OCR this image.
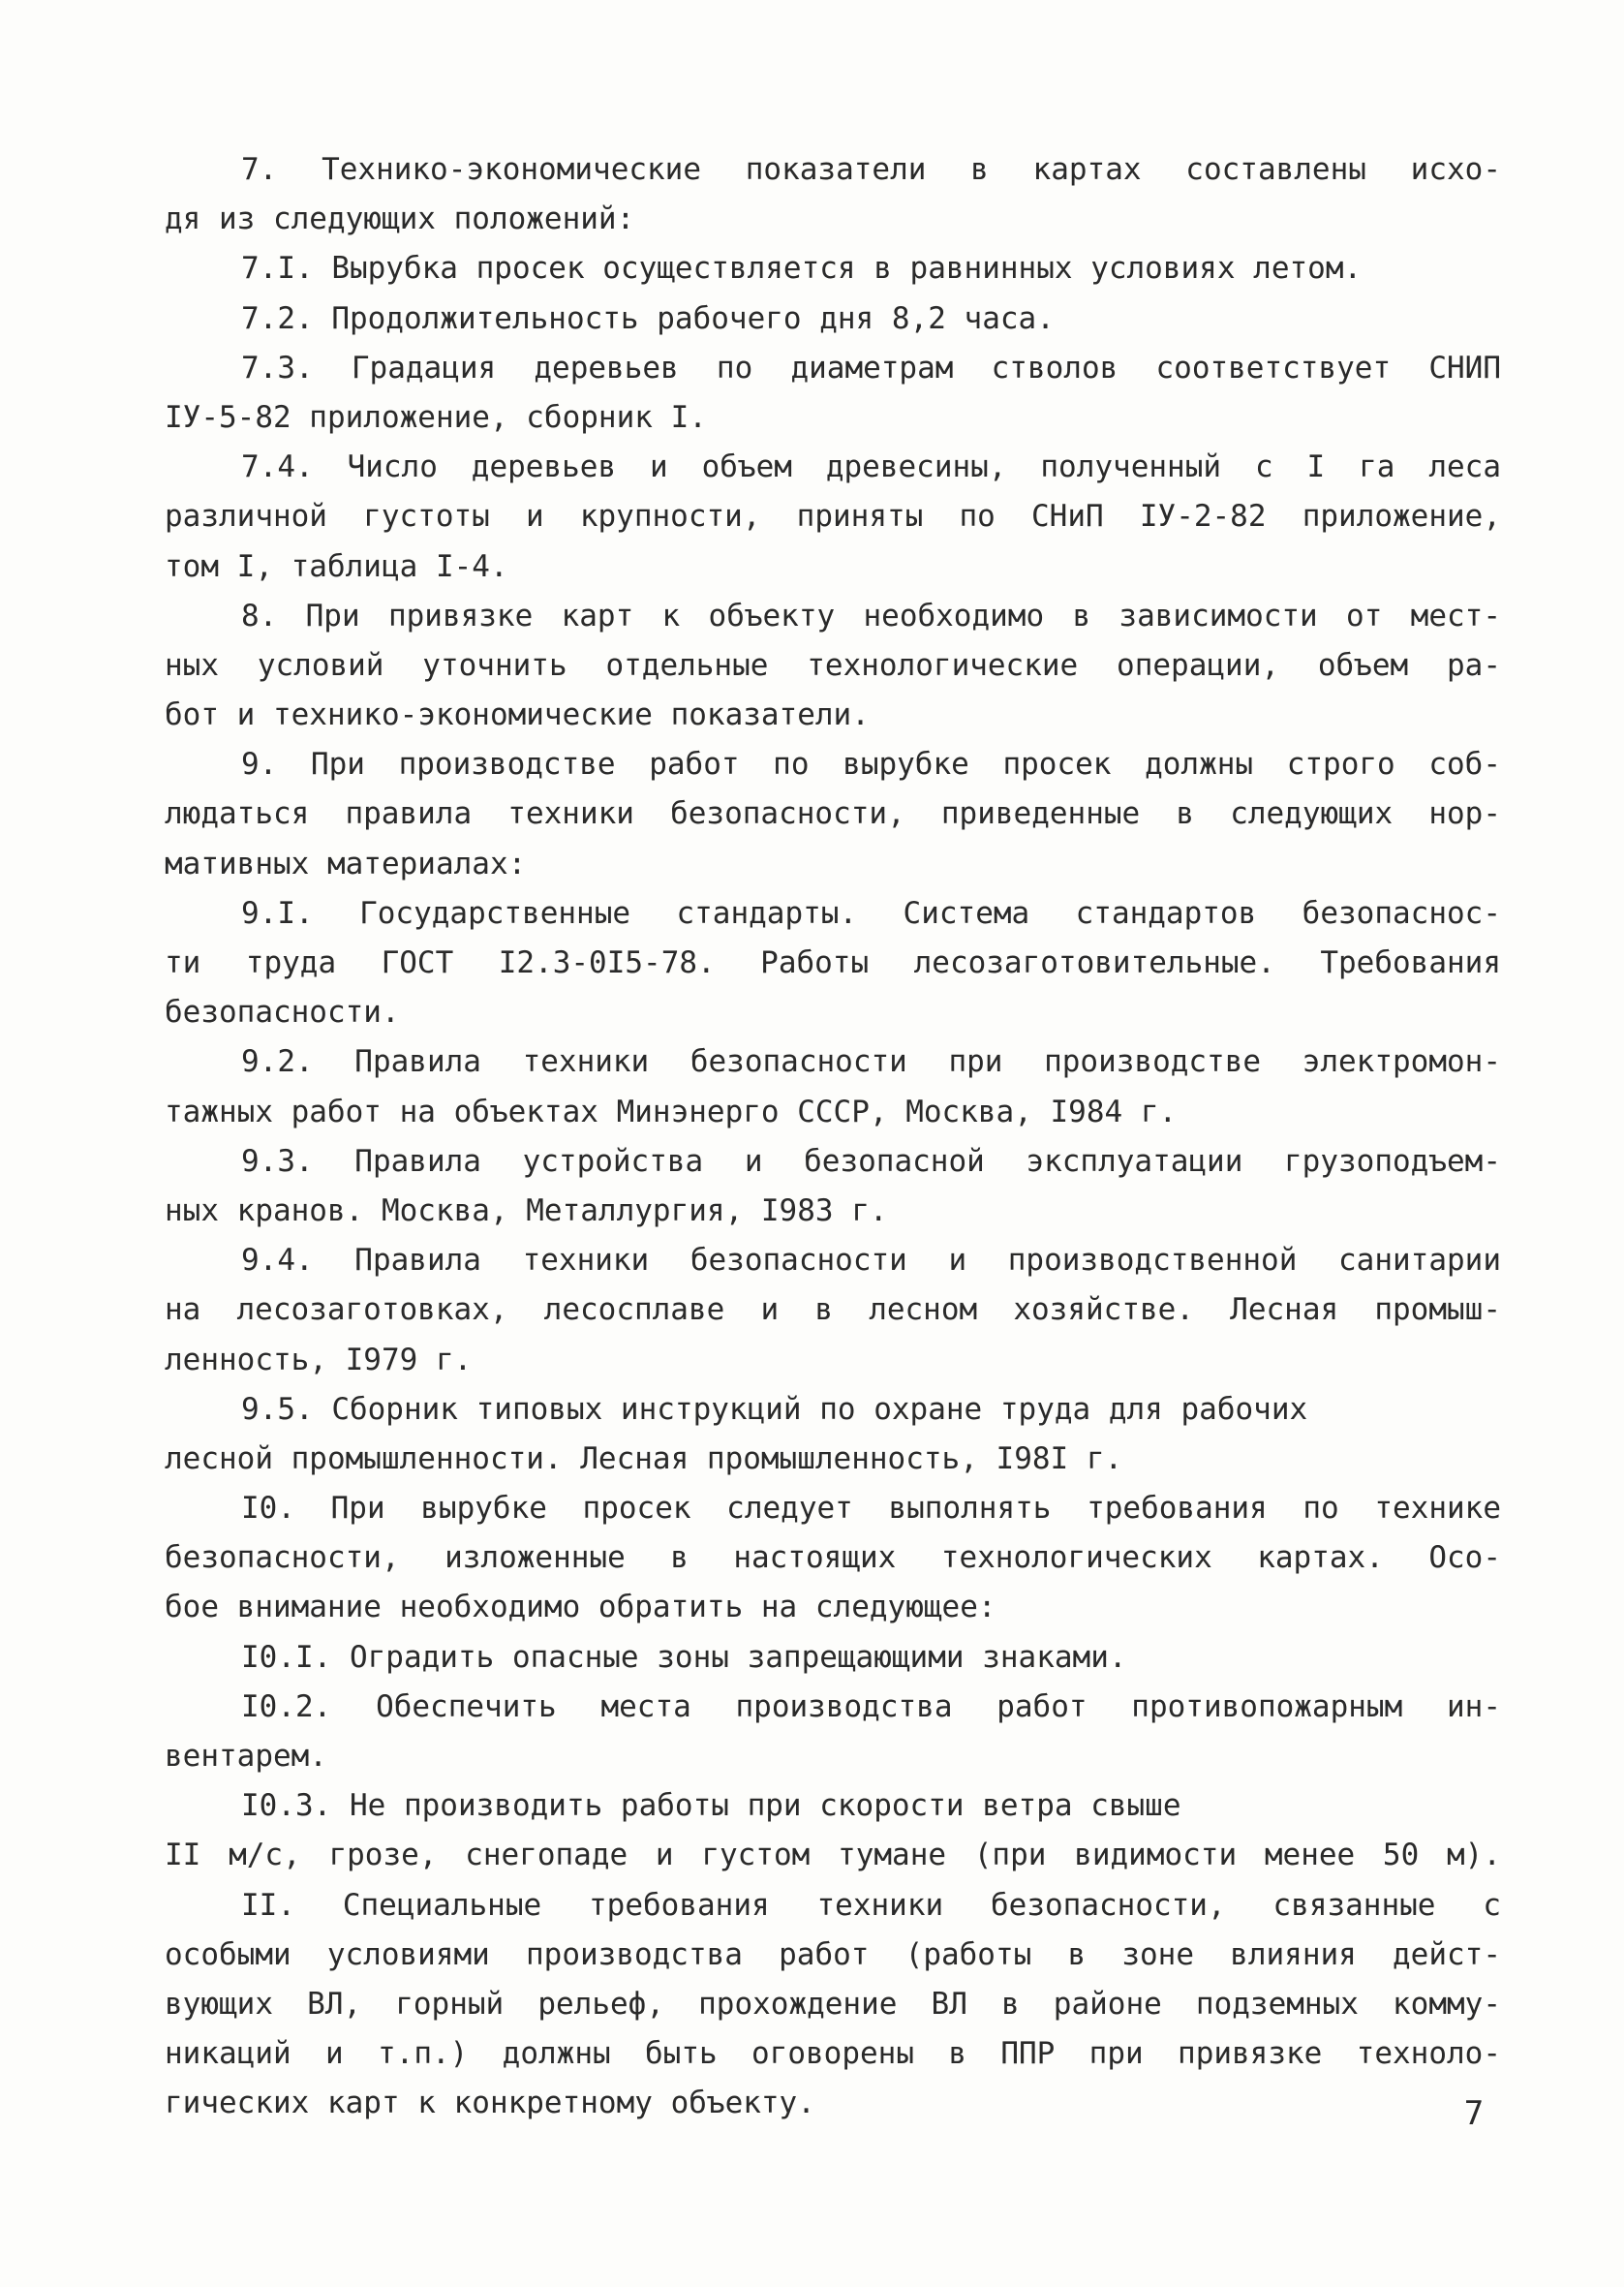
7. Технико-экономические показатели в картах составлены исхо-
дя из следующих положений:
7.I. Вырубка просек осуществляется в равнинных условиях летом.
7.2. Продолжительность рабочего дня 8,2 часа.
7.3. Градация деревьев по диаметрам стволов соответствует СНИП
IУ-5-82 приложение, сборник I.
7.4. Число деревьев и объем древесины, полученный с I га леса
различной густоты и крупности, приняты по СНиП IУ-2-82 приложение,
том I, таблица I-4.
8. При привязке карт к объекту необходимо в зависимости от мест-
ных условий уточнить отдельные технологические операции, объем ра-
бот и технико-экономические показатели.
9. При производстве работ по вырубке просек должны строго соб-
людаться правила техники безопасности, приведенные в следующих нор-
мативных материалах:
9.I. Государственные стандарты. Система стандартов безопаснос-
ти труда ГОСТ I2.3-0I5-78. Работы лесозаготовительные. Требования
безопасности.
9.2. Правила техники безопасности при производстве электромон-
тажных работ на объектах Минэнерго СССР, Москва, I984 г.
9.3. Правила устройства и безопасной эксплуатации грузоподъем-
ных кранов. Москва, Металлургия, I983 г.
9.4. Правила техники безопасности и производственной санитарии
на лесозаготовках, лесосплаве и в лесном хозяйстве. Лесная промыш-
ленность, I979 г.
9.5. Сборник типовых инструкций по охране труда для рабочих
лесной промышленности. Лесная промышленность, I98I г.
I0. При вырубке просек следует выполнять требования по технике
безопасности, изложенные в настоящих технологических картах. Осо-
бое внимание необходимо обратить на следующее:
I0.I. Оградить опасные зоны запрещающими знаками.
I0.2. Обеспечить места производства работ противопожарным ин-
вентарем.
I0.3. Не производить работы при скорости ветра свыше
II м/с, грозе, снегопаде и густом тумане (при видимости менее 50 м).
II. Специальные требования техники безопасности, связанные с
особыми условиями производства работ (работы в зоне влияния дейст-
вующих ВЛ, горный рельеф, прохождение ВЛ в районе подземных комму-
никаций и т.п.) должны быть оговорены в ППР при привязке техноло-
гических карт к конкретному объекту.	7
